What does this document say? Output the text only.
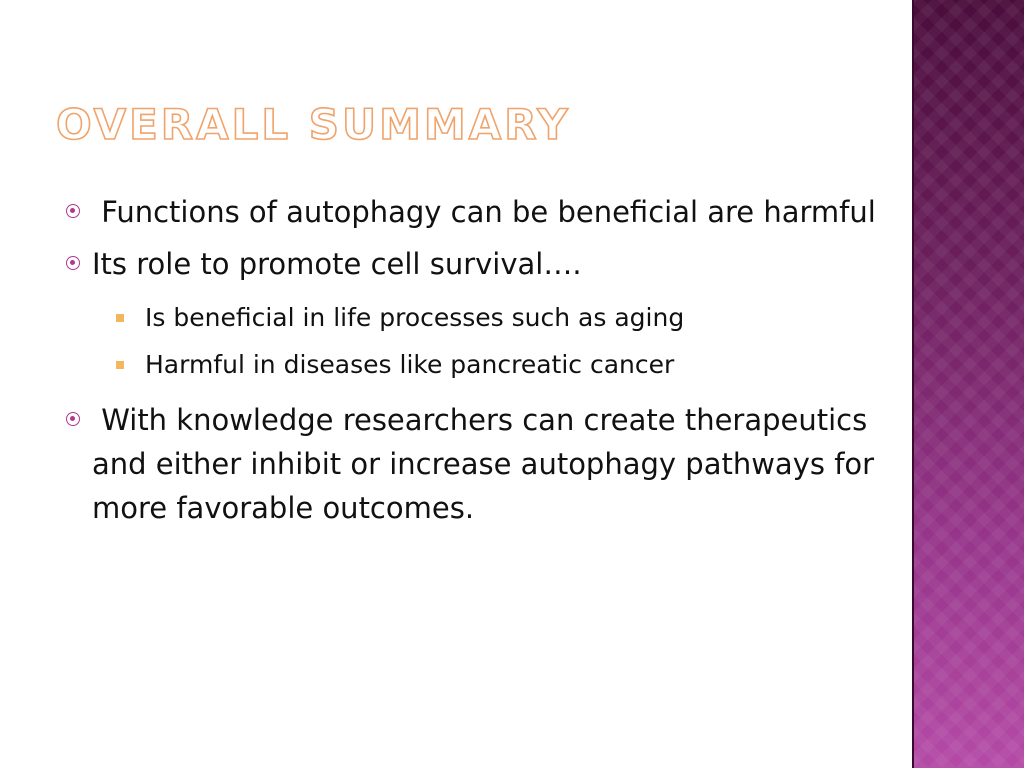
OVERALL SUMMARY
Functions of autophagy can be beneficial are harmful
Its role to promote cell survival….
Is beneficial in life processes such as aging
Harmful in diseases like pancreatic cancer
With knowledge researchers can create therapeutics and either inhibit or increase autophagy pathways for more favorable outcomes.
